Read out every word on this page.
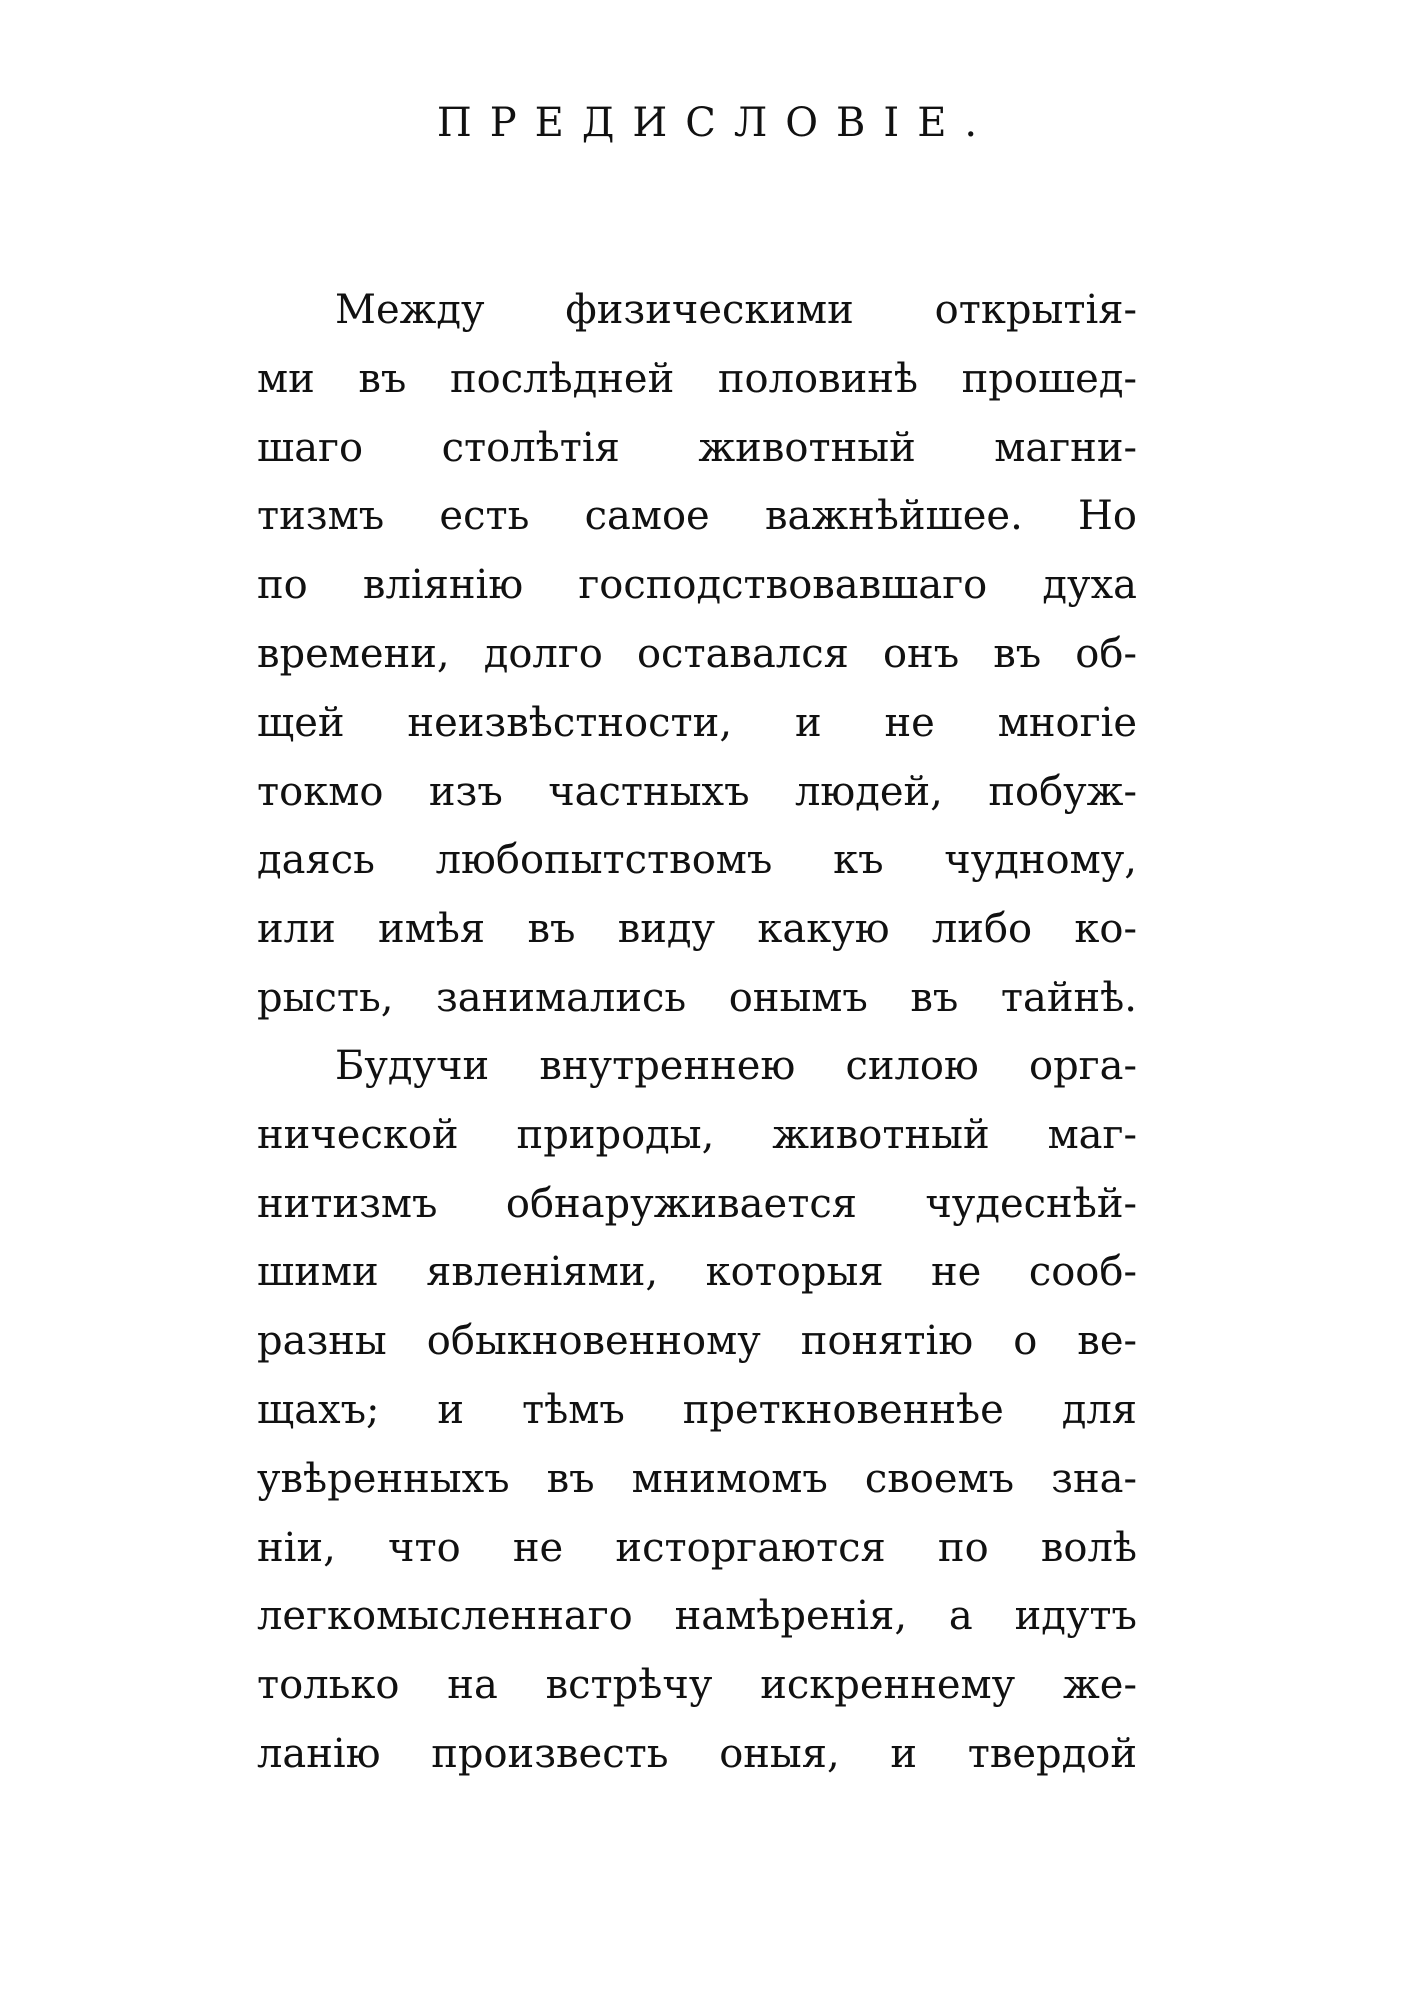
ПРЕДИСЛОВІЕ.
Между физическими открытія-
ми въ послѣдней половинѣ прошед-
шаго столѣтія животный магни-
тизмъ есть самое важнѣйшее. Но
по вліянію господствовавшаго духа
времени, долго оставался онъ въ об-
щей неизвѣстности, и не многіе
токмо изъ частныхъ людей, побуж-
даясь любопытствомъ къ чудному,
или имѣя въ виду какую либо ко-
рысть, занимались онымъ въ тайнѣ.
Будучи внутреннею силою орга-
нической природы, животный маг-
нитизмъ обнаруживается чудеснѣй-
шими явленіями, которыя не сооб-
разны обыкновенному понятію о ве-
щахъ; и тѣмъ преткновеннѣе для
увѣренныхъ въ мнимомъ своемъ зна-
ніи, что не исторгаются по волѣ
легкомысленнаго намѣренія, а идутъ
только на встрѣчу искреннему же-
ланію произвесть оныя, и твердой
